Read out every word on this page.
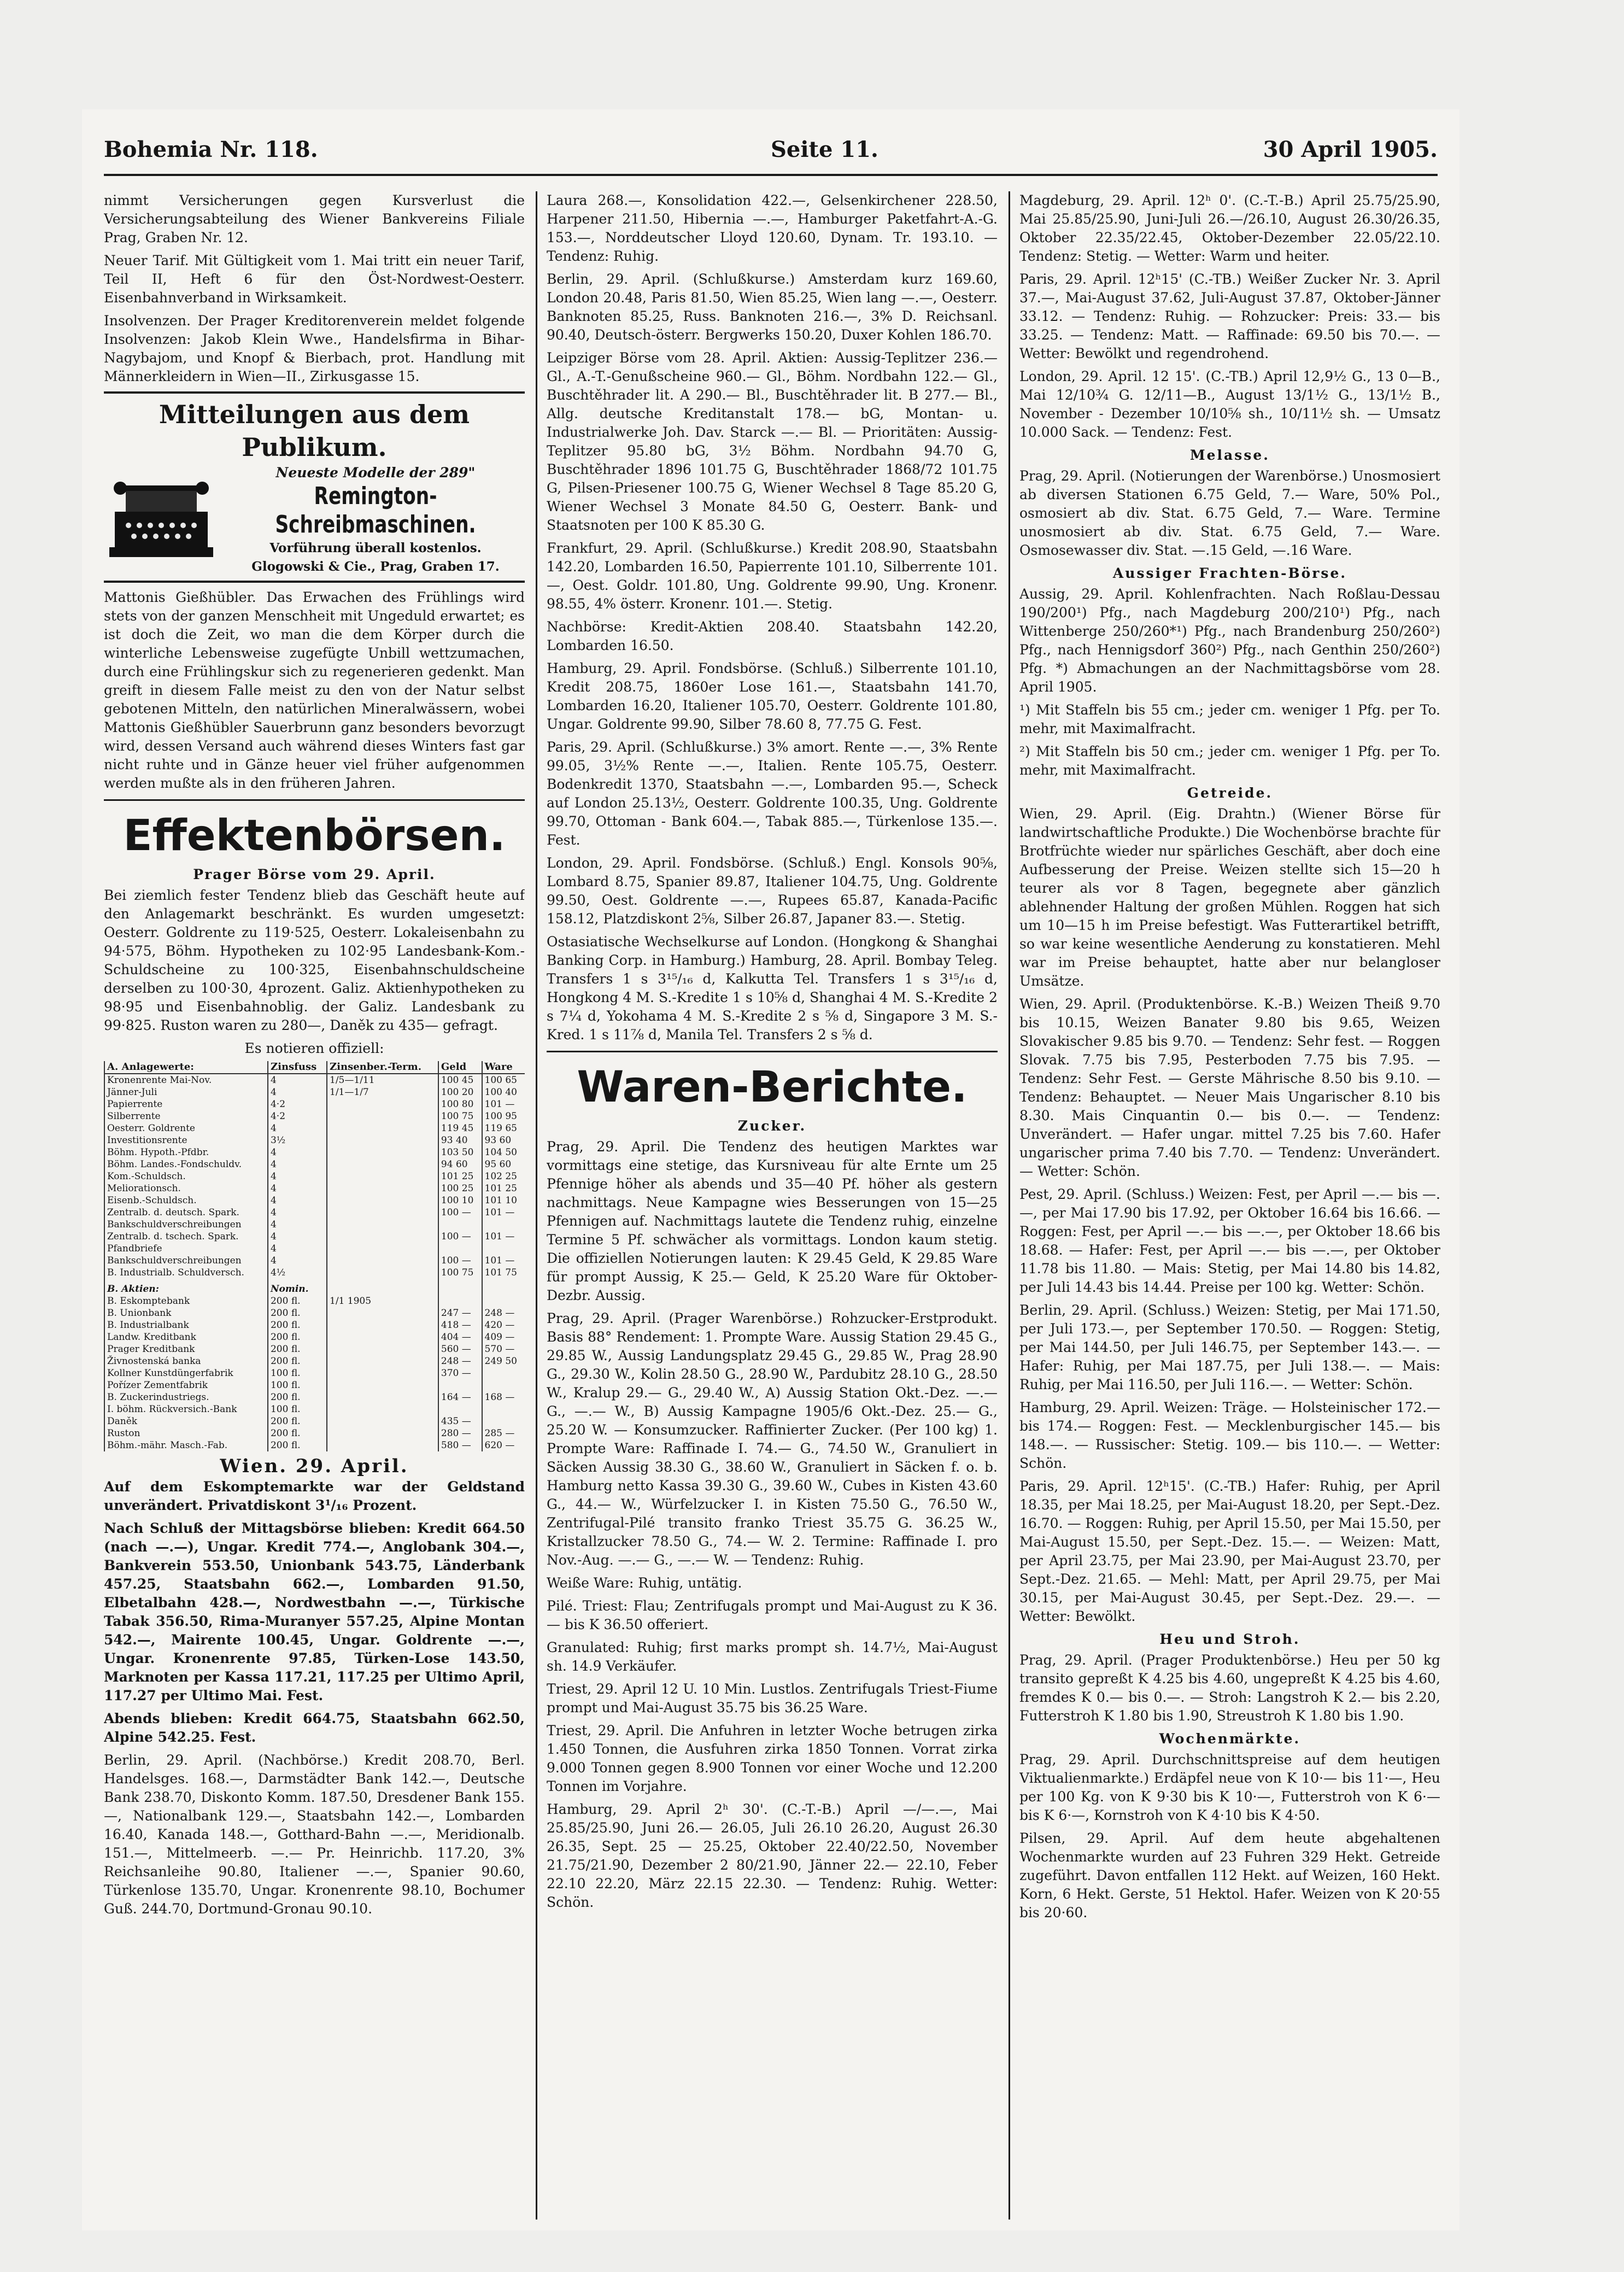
Bohemia Nr. 118.	Seite 11.	30 April 1905.

nimmt Versicherungen gegen Kursverlust die Versicherungsabteilung des Wiener Bankvereins Filiale Prag, Graben Nr. 12.

Neuer Tarif. Mit Gültigkeit vom 1. Mai tritt ein neuer Tarif, Teil II, Heft 6 für den Öst-Nordwest-Oesterr. Eisenbahnverband in Wirksamkeit.

Insolvenzen. Der Prager Kreditorenverein meldet folgende Insolvenzen: Jakob Klein Wwe., Handelsfirma in Bihar-Nagybajom, und Knopf & Bierbach, prot. Handlung mit Männerkleidern in Wien—II., Zirkusgasse 15.

Mitteilungen aus dem Publikum.
Neueste Modelle der 289"
Remington-Schreibmaschinen.
Vorführung überall kostenlos.
Glogowski & Cie., Prag, Graben 17.

Mattonis Gießhübler. Das Erwachen des Frühlings wird stets von der ganzen Menschheit mit Ungeduld erwartet; es ist doch die Zeit, wo man die dem Körper durch die winterliche Lebensweise zugefügte Unbill wettzumachen, durch eine Frühlingskur sich zu regenerieren gedenkt. Man greift in diesem Falle meist zu den von der Natur selbst gebotenen Mitteln, den natürlichen Mineralwässern, wobei Mattonis Gießhübler Sauerbrunn ganz besonders bevorzugt wird, dessen Versand auch während dieses Winters fast gar nicht ruhte und in Gänze heuer viel früher aufgenommen werden mußte als in den früheren Jahren.

Effektenbörsen.
Prager Börse vom 29. April.

Bei ziemlich fester Tendenz blieb das Geschäft heute auf den Anlagemarkt beschränkt. Es wurden umgesetzt: Oesterr. Goldrente zu 119·525, Oesterr. Lokaleisenbahn zu 94·575, Böhm. Hypotheken zu 102·95 Landesbank-Kom.-Schuldscheine zu 100·325, Eisenbahnschuldscheine derselben zu 100·30, 4prozent. Galiz. Aktienhypotheken zu 98·95 und Eisenbahnoblig. der Galiz. Landesbank zu 99·825. Ruston waren zu 280—, Daněk zu 435— gefragt.

Es notieren offiziell:
A. Anlagewerte:	Zinsfuss	Zinsenber.-Term.	Geld	Ware
Kronenrente Mai-Nov.	4	1/5—1/11	100 45	100 65
Jänner-Juli	4	1/1—1/7	100 20	100 40
Papierrente	4·2		100 80	101 —
Silberrente	4·2		100 75	100 95
Oesterr. Goldrente	4		119 45	119 65
Investitionsrente	3½		93 40	93 60
Böhm. Hypoth.-Pfdbr.	4		103 50	104 50
Böhm. Landes.-Fondschuldv.	4		94 60	95 60
Kom.-Schuldsch.	4		101 25	102 25
Meliorationsch.	4		100 25	101 25
Eisenb.-Schuldsch.	4		100 10	101 10
Zentralb. d. deutsch. Spark.	4		100 —	101 —
Bankschuldverschreibungen	4			
Zentralb. d. tschech. Spark.	4		100 —	101 —
Pfandbriefe	4			
Bankschuldverschreibungen	4		100 —	101 —
B. Industrialb. Schuldversch.	4½		100 75	101 75
B. Aktien:	Nomin.			
B. Eskomptebank	200 fl.	1/1 1905		
B. Unionbank	200 fl.		247 —	248 —
B. Industrialbank	200 fl.		418 —	420 —
Landw. Kreditbank	200 fl.		404 —	409 —
Prager Kreditbank	200 fl.		560 —	570 —
Živnostenská banka	200 fl.		248 —	249 50
Kollner Kunstdüngerfabrik	100 fl.		370 —	
Pořízer Zementfabrik	100 fl.			
B. Zuckerindustriegs.	200 fl.		164 —	168 —
I. böhm. Rückversich.-Bank	100 fl.			
Daněk	200 fl.		435 —	
Ruston	200 fl.		280 —	285 —
Böhm.-mähr. Masch.-Fab.	200 fl.		580 —	620 —
Wien. 29. April.

Auf dem Eskomptemarkte war der Geldstand unverändert. Privatdiskont 3¹/₁₆ Prozent.

Nach Schluß der Mittagsbörse blieben: Kredit 664.50 (nach —.—), Ungar. Kredit 774.—, Anglobank 304.—, Bankverein 553.50, Unionbank 543.75, Länderbank 457.25, Staatsbahn 662.—, Lombarden 91.50, Elbetalbahn 428.—, Nordwestbahn —.—, Türkische Tabak 356.50, Rima-Muranyer 557.25, Alpine Montan 542.—, Mairente 100.45, Ungar. Goldrente —.—, Ungar. Kronenrente 97.85, Türken-Lose 143.50, Marknoten per Kassa 117.21, 117.25 per Ultimo April, 117.27 per Ultimo Mai. Fest.

Abends blieben: Kredit 664.75, Staatsbahn 662.50, Alpine 542.25. Fest.

Berlin, 29. April. (Nachbörse.) Kredit 208.70, Berl. Handelsges. 168.—, Darmstädter Bank 142.—, Deutsche Bank 238.70, Diskonto Komm. 187.50, Dresdener Bank 155.—, Nationalbank 129.—, Staatsbahn 142.—, Lombarden 16.40, Kanada 148.—, Gotthard-Bahn —.—, Meridionalb. 151.—, Mittelmeerb. —.— Pr. Heinrichb. 117.20, 3% Reichsanleihe 90.80, Italiener —.—, Spanier 90.60, Türkenlose 135.70, Ungar. Kronenrente 98.10, Bochumer Guß. 244.70, Dortmund-Gronau 90.10.

Laura 268.—, Konsolidation 422.—, Gelsenkirchener 228.50, Harpener 211.50, Hibernia —.—, Hamburger Paketfahrt-A.-G. 153.—, Norddeutscher Lloyd 120.60, Dynam. Tr. 193.10. — Tendenz: Ruhig.

Berlin, 29. April. (Schlußkurse.) Amsterdam kurz 169.60, London 20.48, Paris 81.50, Wien 85.25, Wien lang —.—, Oesterr. Banknoten 85.25, Russ. Banknoten 216.—, 3% D. Reichsanl. 90.40, Deutsch-österr. Bergwerks 150.20, Duxer Kohlen 186.70.

Leipziger Börse vom 28. April. Aktien: Aussig-Teplitzer 236.— Gl., A.-T.-Genußscheine 960.— Gl., Böhm. Nordbahn 122.— Gl., Buschtěhrader lit. A 290.— Bl., Buschtěhrader lit. B 277.— Bl., Allg. deutsche Kreditanstalt 178.— bG, Montan- u. Industrialwerke Joh. Dav. Starck —.— Bl. — Prioritäten: Aussig-Teplitzer 95.80 bG, 3½ Böhm. Nordbahn 94.70 G, Buschtěhrader 1896 101.75 G, Buschtěhrader 1868/72 101.75 G, Pilsen-Priesener 100.75 G, Wiener Wechsel 8 Tage 85.20 G, Wiener Wechsel 3 Monate 84.50 G, Oesterr. Bank- und Staatsnoten per 100 K 85.30 G.

Frankfurt, 29. April. (Schlußkurse.) Kredit 208.90, Staatsbahn 142.20, Lombarden 16.50, Papierrente 101.10, Silberrente 101.—, Oest. Goldr. 101.80, Ung. Goldrente 99.90, Ung. Kronenr. 98.55, 4% österr. Kronenr. 101.—. Stetig.

Nachbörse: Kredit-Aktien 208.40. Staatsbahn 142.20, Lombarden 16.50.

Hamburg, 29. April. Fondsbörse. (Schluß.) Silberrente 101.10, Kredit 208.75, 1860er Lose 161.—, Staatsbahn 141.70, Lombarden 16.20, Italiener 105.70, Oesterr. Goldrente 101.80, Ungar. Goldrente 99.90, Silber 78.60 8, 77.75 G. Fest.

Paris, 29. April. (Schlußkurse.) 3% amort. Rente —.—, 3% Rente 99.05, 3½% Rente —.—, Italien. Rente 105.75, Oesterr. Bodenkredit 1370, Staatsbahn —.—, Lombarden 95.—, Scheck auf London 25.13½, Oesterr. Goldrente 100.35, Ung. Goldrente 99.70, Ottoman - Bank 604.—, Tabak 885.—, Türkenlose 135.—. Fest.

London, 29. April. Fondsbörse. (Schluß.) Engl. Konsols 90⅝, Lombard 8.75, Spanier 89.87, Italiener 104.75, Ung. Goldrente 99.50, Oest. Goldrente —.—, Rupees 65.87, Kanada-Pacific 158.12, Platzdiskont 2⅝, Silber 26.87, Japaner 83.—. Stetig.

Ostasiatische Wechselkurse auf London. (Hongkong & Shanghai Banking Corp. in Hamburg.) Hamburg, 28. April. Bombay Teleg. Transfers 1 s 3¹⁵/₁₆ d, Kalkutta Tel. Transfers 1 s 3¹⁵/₁₆ d, Hongkong 4 M. S.-Kredite 1 s 10⅝ d, Shanghai 4 M. S.-Kredite 2 s 7¼ d, Yokohama 4 M. S.-Kredite 2 s ⅝ d, Singapore 3 M. S.-Kred. 1 s 11⅞ d, Manila Tel. Transfers 2 s ⅝ d.

Waren-Berichte.
Zucker.

Prag, 29. April. Die Tendenz des heutigen Marktes war vormittags eine stetige, das Kursniveau für alte Ernte um 25 Pfennige höher als abends und 35—40 Pf. höher als gestern nachmittags. Neue Kampagne wies Besserungen von 15—25 Pfennigen auf. Nachmittags lautete die Tendenz ruhig, einzelne Termine 5 Pf. schwächer als vormittags. London kaum stetig. Die offiziellen Notierungen lauten: K 29.45 Geld, K 29.85 Ware für prompt Aussig, K 25.— Geld, K 25.20 Ware für Oktober-Dezbr. Aussig.

Prag, 29. April. (Prager Warenbörse.) Rohzucker-Erstprodukt. Basis 88° Rendement: 1. Prompte Ware. Aussig Station 29.45 G., 29.85 W., Aussig Landungsplatz 29.45 G., 29.85 W., Prag 28.90 G., 29.30 W., Kolin 28.50 G., 28.90 W., Pardubitz 28.10 G., 28.50 W., Kralup 29.— G., 29.40 W., A) Aussig Station Okt.-Dez. —.— G., —.— W., B) Aussig Kampagne 1905/6 Okt.-Dez. 25.— G., 25.20 W. — Konsumzucker. Raffinierter Zucker. (Per 100 kg) 1. Prompte Ware: Raffinade I. 74.— G., 74.50 W., Granuliert in Säcken Aussig 38.30 G., 38.60 W., Granuliert in Säcken f. o. b. Hamburg netto Kassa 39.30 G., 39.60 W., Cubes in Kisten 43.60 G., 44.— W., Würfelzucker I. in Kisten 75.50 G., 76.50 W., Zentrifugal-Pilé transito franko Triest 35.75 G. 36.25 W., Kristallzucker 78.50 G., 74.— W. 2. Termine: Raffinade I. pro Nov.-Aug. —.— G., —.— W. — Tendenz: Ruhig.

Weiße Ware: Ruhig, untätig.

Pilé. Triest: Flau; Zentrifugals prompt und Mai-August zu K 36.— bis K 36.50 offeriert.

Granulated: Ruhig; first marks prompt sh. 14.7½, Mai-August sh. 14.9 Verkäufer.

Triest, 29. April 12 U. 10 Min. Lustlos. Zentrifugals Triest-Fiume prompt und Mai-August 35.75 bis 36.25 Ware.

Triest, 29. April. Die Anfuhren in letzter Woche betrugen zirka 1.450 Tonnen, die Ausfuhren zirka 1850 Tonnen. Vorrat zirka 9.000 Tonnen gegen 8.900 Tonnen vor einer Woche und 12.200 Tonnen im Vorjahre.

Hamburg, 29. April 2ʰ 30'. (C.-T.-B.) April —/—.—, Mai 25.85/25.90, Juni 26.— 26.05, Juli 26.10 26.20, August 26.30 26.35, Sept. 25 — 25.25, Oktober 22.40/22.50, November 21.75/21.90, Dezember 2 80/21.90, Jänner 22.— 22.10, Feber 22.10 22.20, März 22.15 22.30. — Tendenz: Ruhig. Wetter: Schön.

Magdeburg, 29. April. 12ʰ 0'. (C.-T.-B.) April 25.75/25.90, Mai 25.85/25.90, Juni-Juli 26.—/26.10, August 26.30/26.35, Oktober 22.35/22.45, Oktober-Dezember 22.05/22.10. Tendenz: Stetig. — Wetter: Warm und heiter.

Paris, 29. April. 12ʰ15' (C.-TB.) Weißer Zucker Nr. 3. April 37.—, Mai-August 37.62, Juli-August 37.87, Oktober-Jänner 33.12. — Tendenz: Ruhig. — Rohzucker: Preis: 33.— bis 33.25. — Tendenz: Matt. — Raffinade: 69.50 bis 70.—. — Wetter: Bewölkt und regendrohend.

London, 29. April. 12 15'. (C.-TB.) April 12,9½ G., 13 0—B., Mai 12/10¾ G. 12/11—B., August 13/1½ G., 13/1½ B., November - Dezember 10/10⅝ sh., 10/11½ sh. — Umsatz 10.000 Sack. — Tendenz: Fest.

Melasse.

Prag, 29. April. (Notierungen der Warenbörse.) Unosmosiert ab diversen Stationen 6.75 Geld, 7.— Ware, 50% Pol., osmosiert ab div. Stat. 6.75 Geld, 7.— Ware. Termine unosmosiert ab div. Stat. 6.75 Geld, 7.— Ware. Osmosewasser div. Stat. —.15 Geld, —.16 Ware.

Aussiger Frachten-Börse.

Aussig, 29. April. Kohlenfrachten. Nach Roßlau-Dessau 190/200¹) Pfg., nach Magdeburg 200/210¹) Pfg., nach Wittenberge 250/260*¹) Pfg., nach Brandenburg 250/260²) Pfg., nach Hennigsdorf 360²) Pfg., nach Genthin 250/260²) Pfg. *) Abmachungen an der Nachmittagsbörse vom 28. April 1905.

¹) Mit Staffeln bis 55 cm.; jeder cm. weniger 1 Pfg. per To. mehr, mit Maximalfracht.

²) Mit Staffeln bis 50 cm.; jeder cm. weniger 1 Pfg. per To. mehr, mit Maximalfracht.

Getreide.

Wien, 29. April. (Eig. Drahtn.) (Wiener Börse für landwirtschaftliche Produkte.) Die Wochenbörse brachte für Brotfrüchte wieder nur spärliches Geschäft, aber doch eine Aufbesserung der Preise. Weizen stellte sich 15—20 h teurer als vor 8 Tagen, begegnete aber gänzlich ablehnender Haltung der großen Mühlen. Roggen hat sich um 10—15 h im Preise befestigt. Was Futterartikel betrifft, so war keine wesentliche Aenderung zu konstatieren. Mehl war im Preise behauptet, hatte aber nur belangloser Umsätze.

Wien, 29. April. (Produktenbörse. K.-B.) Weizen Theiß 9.70 bis 10.15, Weizen Banater 9.80 bis 9.65, Weizen Slovakischer 9.85 bis 9.70. — Tendenz: Sehr fest. — Roggen Slovak. 7.75 bis 7.95, Pesterboden 7.75 bis 7.95. — Tendenz: Sehr Fest. — Gerste Mährische 8.50 bis 9.10. — Tendenz: Behauptet. — Neuer Mais Ungarischer 8.10 bis 8.30. Mais Cinquantin 0.— bis 0.—. — Tendenz: Unverändert. — Hafer ungar. mittel 7.25 bis 7.60. Hafer ungarischer prima 7.40 bis 7.70. — Tendenz: Unverändert. — Wetter: Schön.

Pest, 29. April. (Schluss.) Weizen: Fest, per April —.— bis —.—, per Mai 17.90 bis 17.92, per Oktober 16.64 bis 16.66. — Roggen: Fest, per April —.— bis —.—, per Oktober 18.66 bis 18.68. — Hafer: Fest, per April —.— bis —.—, per Oktober 11.78 bis 11.80. — Mais: Stetig, per Mai 14.80 bis 14.82, per Juli 14.43 bis 14.44. Preise per 100 kg. Wetter: Schön.

Berlin, 29. April. (Schluss.) Weizen: Stetig, per Mai 171.50, per Juli 173.—, per September 170.50. — Roggen: Stetig, per Mai 144.50, per Juli 146.75, per September 143.—. — Hafer: Ruhig, per Mai 187.75, per Juli 138.—. — Mais: Ruhig, per Mai 116.50, per Juli 116.—. — Wetter: Schön.

Hamburg, 29. April. Weizen: Träge. — Holsteinischer 172.— bis 174.— Roggen: Fest. — Mecklenburgischer 145.— bis 148.—. — Russischer: Stetig. 109.— bis 110.—. — Wetter: Schön.

Paris, 29. April. 12ʰ15'. (C.-TB.) Hafer: Ruhig, per April 18.35, per Mai 18.25, per Mai-August 18.20, per Sept.-Dez. 16.70. — Roggen: Ruhig, per April 15.50, per Mai 15.50, per Mai-August 15.50, per Sept.-Dez. 15.—. — Weizen: Matt, per April 23.75, per Mai 23.90, per Mai-August 23.70, per Sept.-Dez. 21.65. — Mehl: Matt, per April 29.75, per Mai 30.15, per Mai-August 30.45, per Sept.-Dez. 29.—. — Wetter: Bewölkt.

Heu und Stroh.

Prag, 29. April. (Prager Produktenbörse.) Heu per 50 kg transito gepreßt K 4.25 bis 4.60, ungepreßt K 4.25 bis 4.60, fremdes K 0.— bis 0.—. — Stroh: Langstroh K 2.— bis 2.20, Futterstroh K 1.80 bis 1.90, Streustroh K 1.80 bis 1.90.

Wochenmärkte.

Prag, 29. April. Durchschnittspreise auf dem heutigen Viktualienmarkte.) Erdäpfel neue von K 10·— bis 11·—, Heu per 100 Kg. von K 9·30 bis K 10·—, Futterstroh von K 6·— bis K 6·—, Kornstroh von K 4·10 bis K 4·50.

Pilsen, 29. April. Auf dem heute abgehaltenen Wochenmarkte wurden auf 23 Fuhren 329 Hekt. Getreide zugeführt. Davon entfallen 112 Hekt. auf Weizen, 160 Hekt. Korn, 6 Hekt. Gerste, 51 Hektol. Hafer. Weizen von K 20·55 bis 20·60.
